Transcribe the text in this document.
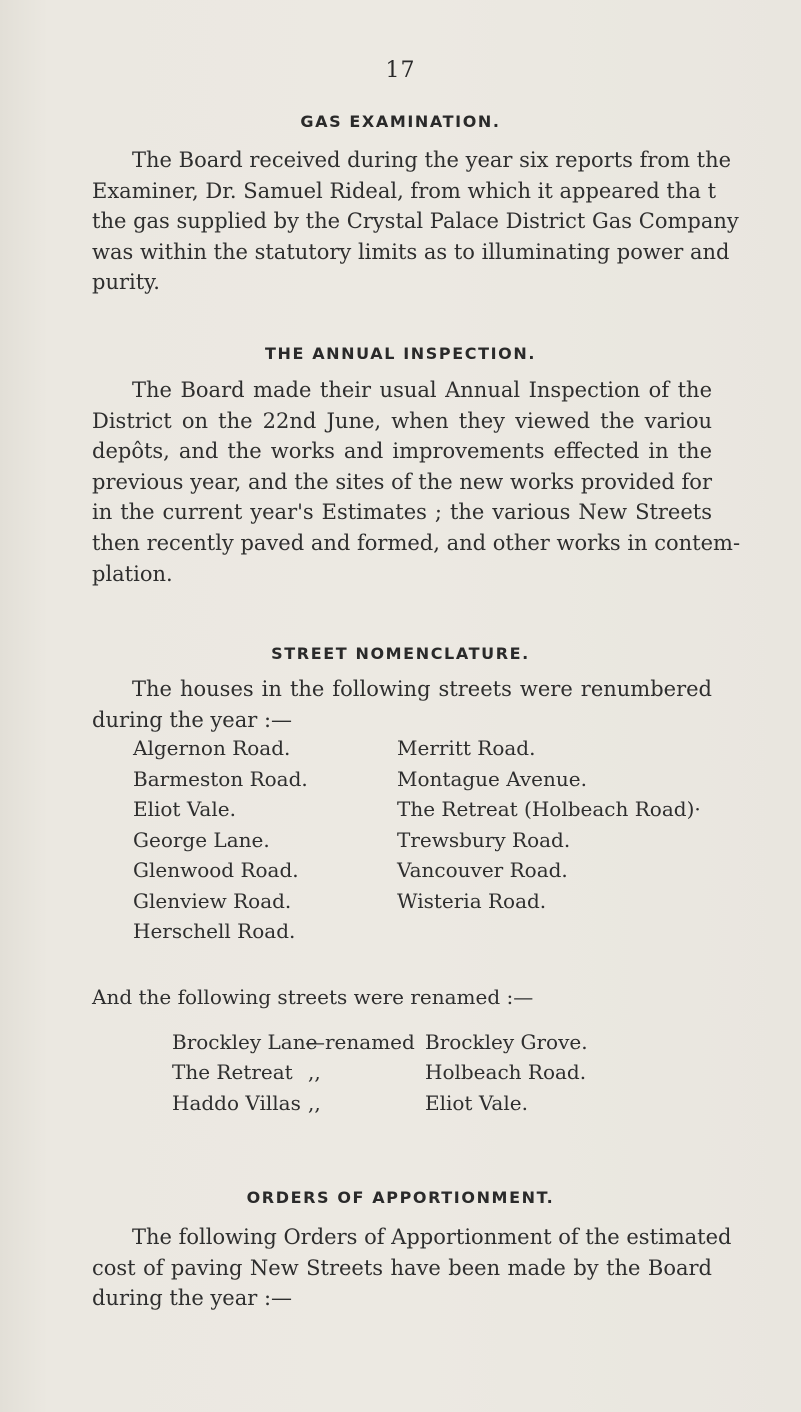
17
GAS EXAMINATION.
The Board received during the year six reports from the
Examiner, Dr. Samuel Rideal, from which it appeared tha t
the gas supplied by the Crystal Palace District Gas Company
was within the statutory limits as to illuminating power and
purity.
THE ANNUAL INSPECTION.
The Board made their usual Annual Inspection of the
District on the 22nd June, when they viewed the variou
depôts, and the works and improvements effected in the
previous year, and the sites of the new works provided for
in the current year's Estimates ; the various New Streets
then recently paved and formed, and other works in contem-
plation.
STREET NOMENCLATURE.
The houses in the following streets were renumbered
during the year :—
Algernon Road.
Barmeston Road.
Eliot Vale.
George Lane.
Glenwood Road.
Glenview Road.
Herschell Road.
Merritt Road.
Montague Avenue.
The Retreat (Holbeach Road)·
Trewsbury Road.
Vancouver Road.
Wisteria Road.
And the following streets were renamed :—
Brockley Lane
—renamed Brockley Grove.
The Retreat ,,	Holbeach Road.
Haddo Villas ,,	Eliot Vale.
ORDERS OF APPORTIONMENT.
The following Orders of Apportionment of the estimated
cost of paving New Streets have been made by the Board
during the year :—
